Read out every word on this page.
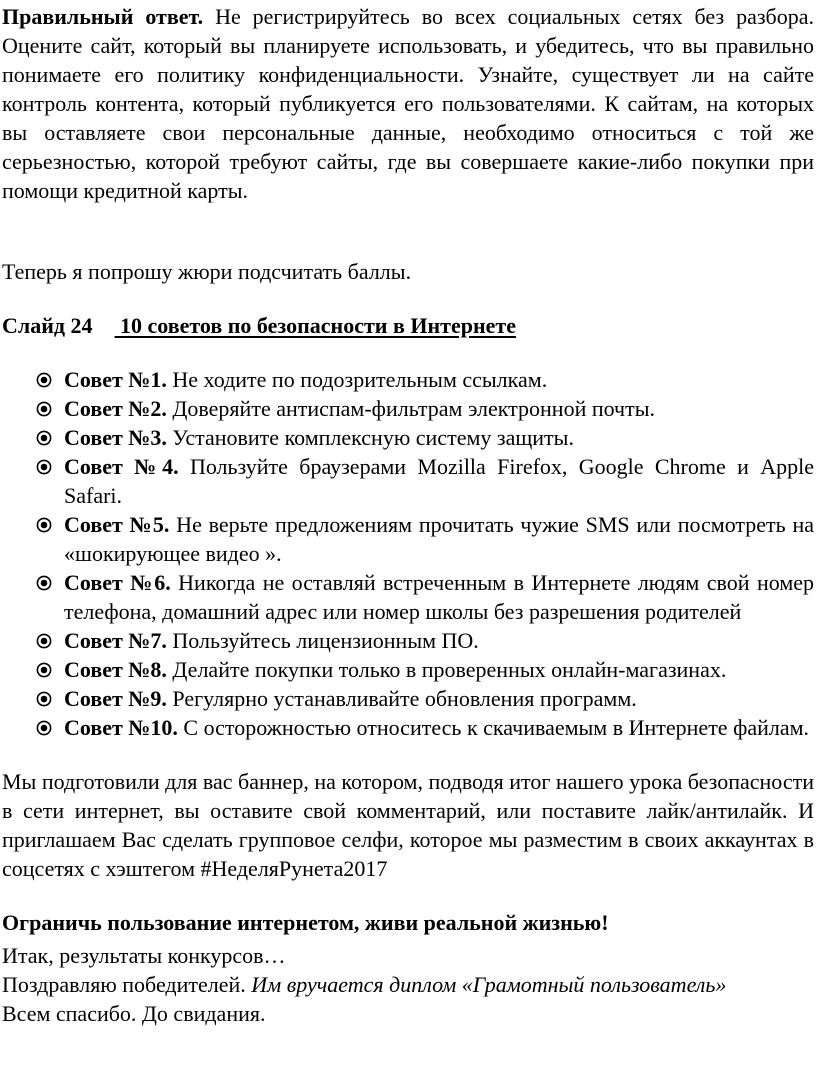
Правильный ответ. Не регистрируйтесь во всех социальных сетях без разбора. Оцените сайт, который вы планируете использовать, и убедитесь, что вы правильно понимаете его политику конфиденциальности. Узнайте, существует ли на сайте контроль контента, который публикуется его пользователями. К сайтам, на которых вы оставляете свои персональные данные, необходимо относиться с той же серьезностью, которой требуют сайты, где вы совершаете какие-либо покупки при помощи кредитной карты.

Теперь я попрошу жюри подсчитать баллы.

Слайд 24 10 советов по безопасности в Интернете

Совет №1. Не ходите по подозрительным ссылкам.
Совет №2. Доверяйте антиспам-фильтрам электронной почты.
Совет №3. Установите комплексную систему защиты.
Совет №4. Пользуйте браузерами Mozilla Firefox, Google Chrome и Apple Safari.
Совет №5. Не верьте предложениям прочитать чужие SMS или посмотреть на «шокирующее видео ».
Совет №6. Никогда не оставляй встреченным в Интернете людям свой номер телефона, домашний адрес или номер школы без разрешения родителей
Совет №7. Пользуйтесь лицензионным ПО.
Совет №8. Делайте покупки только в проверенных онлайн-магазинах.
Совет №9. Регулярно устанавливайте обновления программ.
Совет №10. С осторожностью относитесь к скачиваемым в Интернете файлам.

Мы подготовили для вас баннер, на котором, подводя итог нашего урока безопасности в сети интернет, вы оставите свой комментарий, или поставите лайк/антилайк. И приглашаем Вас сделать групповое селфи, которое мы разместим в своих аккаунтах в соцсетях с хэштегом #НеделяРунета2017

Ограничь пользование интернетом, живи реальной жизнью!

Итак, результаты конкурсов…

Поздравляю победителей. Им вручается диплом «Грамотный пользователь»

Всем спасибо. До свидания.
